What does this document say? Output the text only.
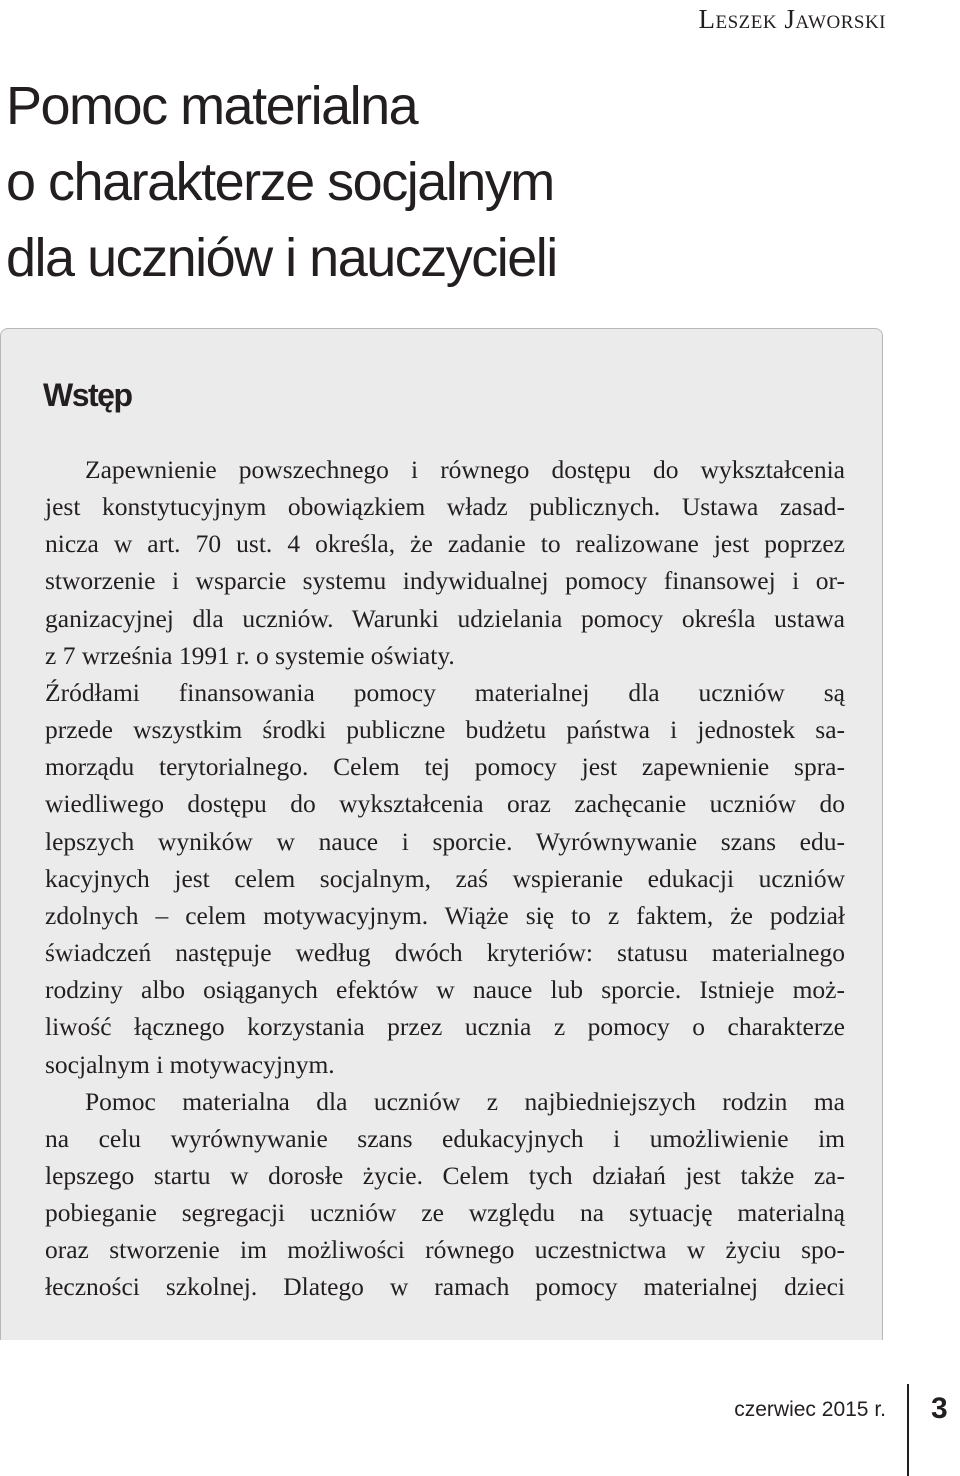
Leszek Jaworski
Pomoc materialna
o charakterze socjalnym
dla uczniów i nauczycieli
Wstęp
Zapewnienie powszechnego i równego dostępu do wykształcenia
jest konstytucyjnym obowiązkiem władz publicznych. Ustawa zasad-
nicza w art. 70 ust. 4 określa, że zadanie to realizowane jest poprzez
stworzenie i wsparcie systemu indywidualnej pomocy finansowej i or-
ganizacyjnej dla uczniów. Warunki udzielania pomocy określa ustawa
z 7 września 1991 r. o systemie oświaty.
Źródłami finansowania pomocy materialnej dla uczniów są
przede wszystkim środki publiczne budżetu państwa i jednostek sa-
morządu terytorialnego. Celem tej pomocy jest zapewnienie spra-
wiedliwego dostępu do wykształcenia oraz zachęcanie uczniów do
lepszych wyników w nauce i sporcie. Wyrównywanie szans edu-
kacyjnych jest celem socjalnym, zaś wspieranie edukacji uczniów
zdolnych – celem motywacyjnym. Wiąże się to z faktem, że podział
świadczeń następuje według dwóch kryteriów: statusu materialnego
rodziny albo osiąganych efektów w nauce lub sporcie. Istnieje moż-
liwość łącznego korzystania przez ucznia z pomocy o charakterze
socjalnym i motywacyjnym.
Pomoc materialna dla uczniów z najbiedniejszych rodzin ma
na celu wyrównywanie szans edukacyjnych i umożliwienie im
lepszego startu w dorosłe życie. Celem tych działań jest także za-
pobieganie segregacji uczniów ze względu na sytuację materialną
oraz stworzenie im możliwości równego uczestnictwa w życiu spo-
łeczności szkolnej. Dlatego w ramach pomocy materialnej dzieci
czerwiec 2015 r. 3
